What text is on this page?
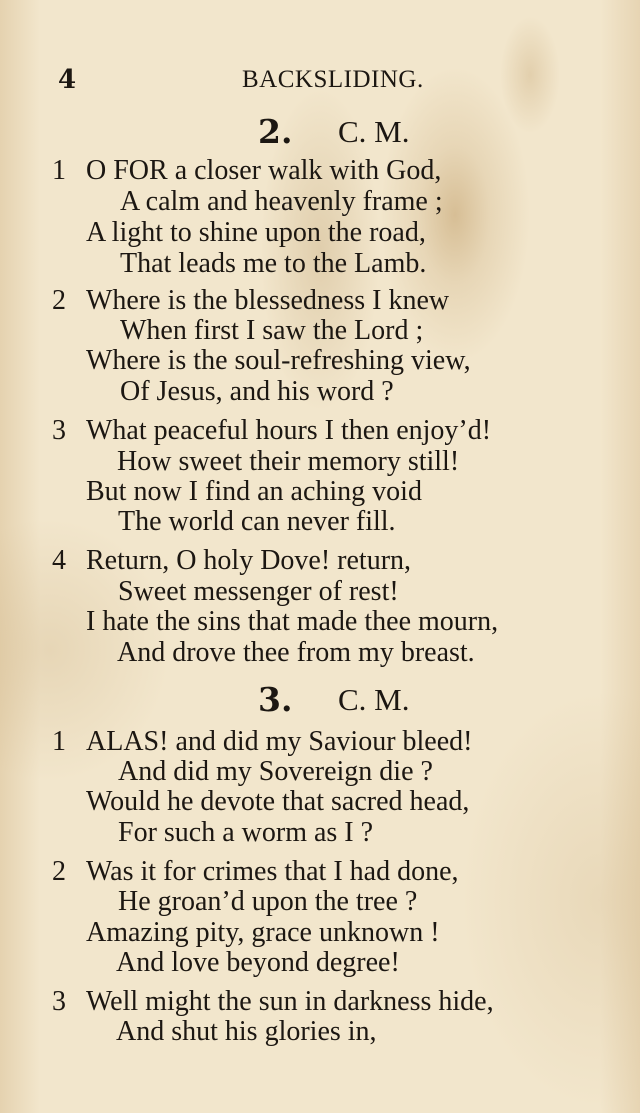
4	BACKSLIDING.
2. C. M.
1 O FOR a closer walk with God,
A calm and heavenly frame ;
A light to shine upon the road,
That leads me to the Lamb.
2 Where is the blessedness I knew
When first I saw the Lord ;
Where is the soul-refreshing view,
Of Jesus, and his word ?
3 What peaceful hours I then enjoy’d!
How sweet their memory still!
But now I find an aching void
The world can never fill.
4 Return, O holy Dove! return,
Sweet messenger of rest!
I hate the sins that made thee mourn,
And drove thee from my breast.
3. C. M.
1 ALAS! and did my Saviour bleed!
And did my Sovereign die ?
Would he devote that sacred head,
For such a worm as I ?
2 Was it for crimes that I had done,
He groan’d upon the tree ?
Amazing pity, grace unknown !
And love beyond degree!
3 Well might the sun in darkness hide,
And shut his glories in,
